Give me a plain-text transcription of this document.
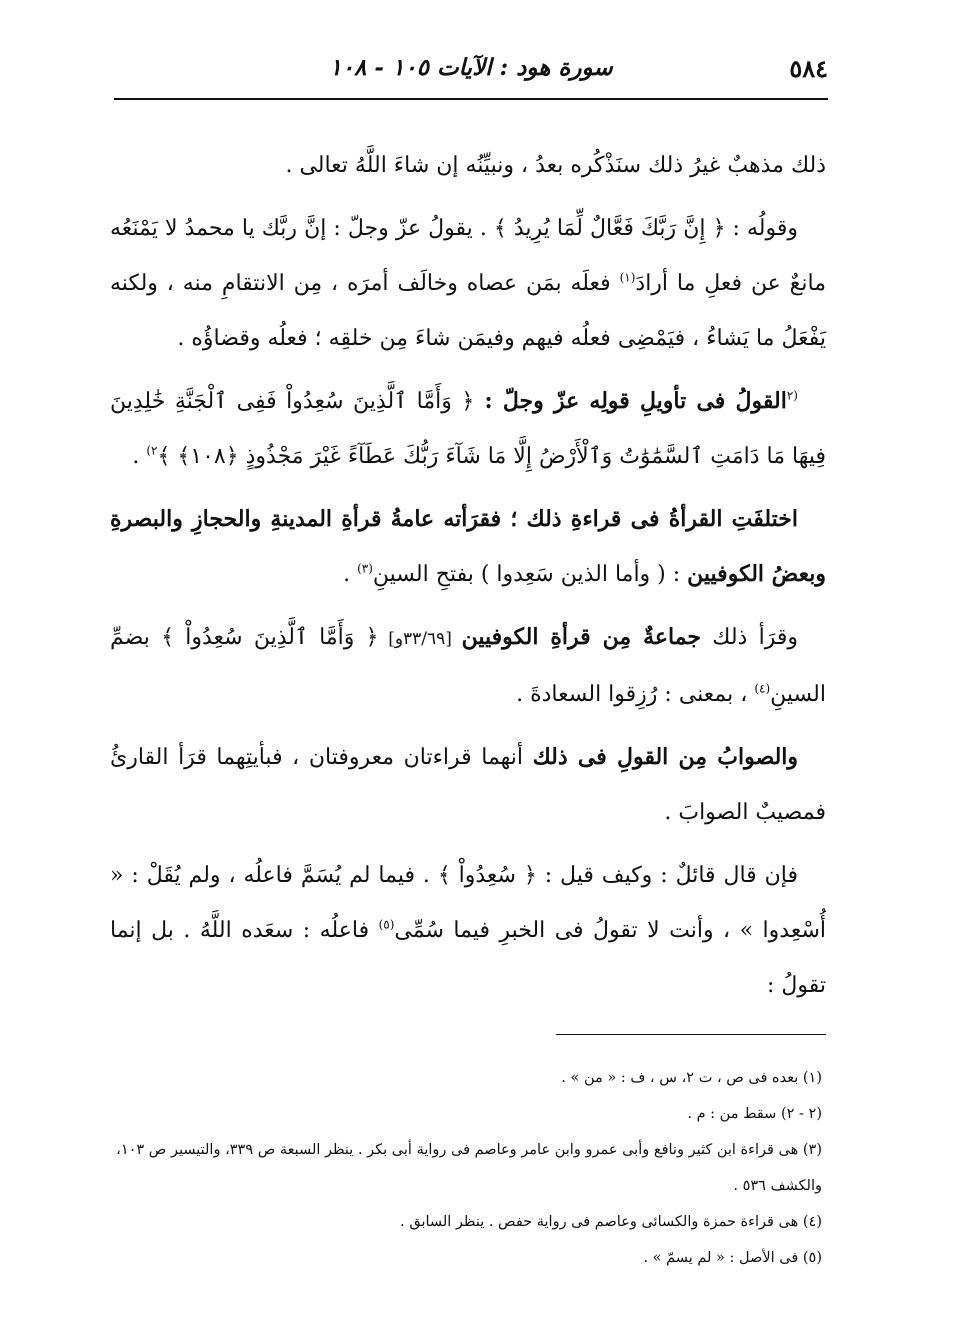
٥٨٤
سورة هود : الآيات ١٠٥ - ١٠٨

ذلك مذهبٌ غيرُ ذلك سنَذْكُره بعدُ ، ونبيِّنُه إن شاءَ اللَّهُ تعالى .

وقولُه : ﴿ إِنَّ رَبَّكَ فَعَّالٌ لِّمَا يُرِيدُ ﴾ . يقولُ عزّ وجلّ : إنَّ ربَّك يا محمدُ لا يَمْنَعُه مانعٌ عن فعلِ ما أرادَ$^{(١)}$ فعلَه بمَن عصاه وخالَف أمرَه ، مِن الانتقامِ منه ، ولكنه يَفْعَلُ ما يَشاءُ ، فيَمْضِى فعلُه فيهم وفيمَن شاءَ مِن خلقِه ؛ فعلُه وقضاؤُه .

$^{(٢}$القولُ فى تأويلِ قولِه عزّ وجلّ : ﴿ وَأَمَّا ٱلَّذِينَ سُعِدُواْ فَفِى ٱلْجَنَّةِ خَٰلِدِينَ فِيهَا مَا دَامَتِ ٱلسَّمَٰوَٰتُ وَٱلْأَرْضُ إِلَّا مَا شَآءَ رَبُّكَ عَطَآءً غَيْرَ مَجْذُوذٍ ﴿١٠٨﴾ ﴾$^{٢)}$ .

اختلفَتِ القرأةُ فى قراءةِ ذلك ؛ فقرَأته عامةُ قرأةِ المدينةِ والحجازِ والبصرةِ وبعضُ الكوفيين : ( وأما الذين سَعِدوا ) بفتحِ السينِ$^{(٣)}$ .

وقرَأ ذلك جماعةٌ مِن قرأةِ الكوفيين [٣٣/٦٩و] ﴿ وَأَمَّا ٱلَّذِينَ سُعِدُواْ ﴾ بضمِّ السينِ$^{(٤)}$ ، بمعنى : رُزِقوا السعادةَ .

والصوابُ مِن القولِ فى ذلك أنهما قراءتان معروفتان ، فبأيتِهما قرَأ القارئُ فمصيبٌ الصوابَ .

فإن قال قائلٌ : وكيف قيل : ﴿ سُعِدُواْ ﴾ . فيما لم يُسَمَّ فاعلُه ، ولم يُقَلْ : « أُسْعِدوا » ، وأنت لا تقولُ فى الخبرِ فيما سُمِّى$^{(٥)}$ فاعلُه : سعَده اللَّهُ . بل إنما تقولُ :

(١) بعده فى ص ، ت ٢، س ، ف : « من » .

(٢ - ٢) سقط من : م .

(٣) هى قراءة ابن كثير ونافع وأبى عمرو وابن عامر وعاصم فى رواية أبى بكر . ينظر السبعة ص ٣٣٩، والتيسير ص ١٠٣، والكشف ٥٣٦ .

(٤) هى قراءة حمزة والكسائى وعاصم فى رواية حفص . ينظر السابق .

(٥) فى الأصل : « لم يسمّ » .
